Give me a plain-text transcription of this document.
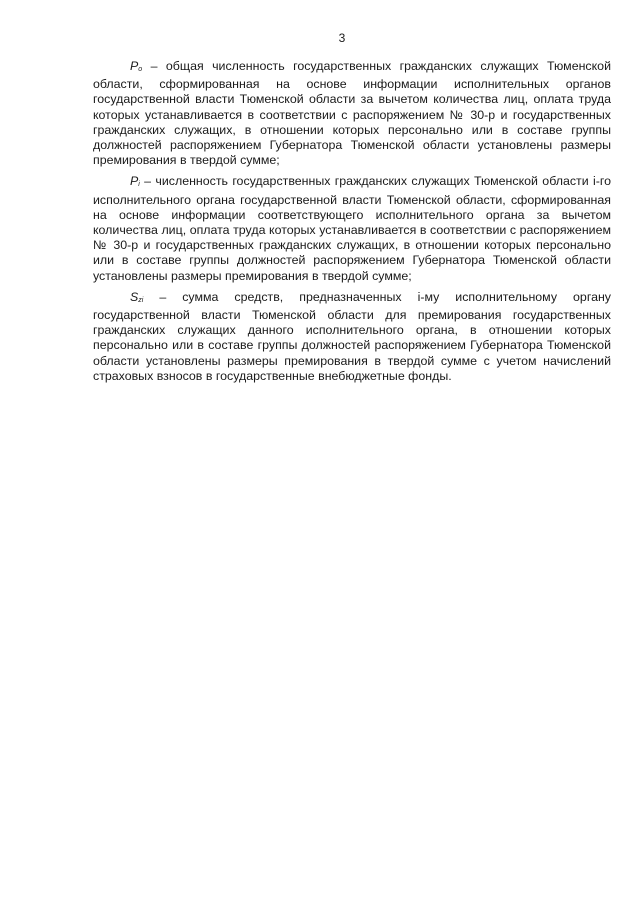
3

Po – общая численность государственных гражданских служащих Тюменской области, сформированная на основе информации исполнительных органов государственной власти Тюменской области за вычетом количества лиц, оплата труда которых устанавливается в соответствии с распоряжением № 30-р и государственных гражданских служащих, в отношении которых персонально или в составе группы должностей распоряжением Губернатора Тюменской области установлены размеры премирования в твердой сумме;

Pi – численность государственных гражданских служащих Тюменской области i-го исполнительного органа государственной власти Тюменской области, сформированная на основе информации соответствующего исполнительного органа за вычетом количества лиц, оплата труда которых устанавливается в соответствии с распоряжением № 30-р и государственных гражданских служащих, в отношении которых персонально или в составе группы должностей распоряжением Губернатора Тюменской области установлены размеры премирования в твердой сумме;

Szi – сумма средств, предназначенных i-му исполнительному органу государственной власти Тюменской области для премирования государственных гражданских служащих данного исполнительного органа, в отношении которых персонально или в составе группы должностей распоряжением Губернатора Тюменской области установлены размеры премирования в твердой сумме с учетом начислений страховых взносов в государственные внебюджетные фонды.
